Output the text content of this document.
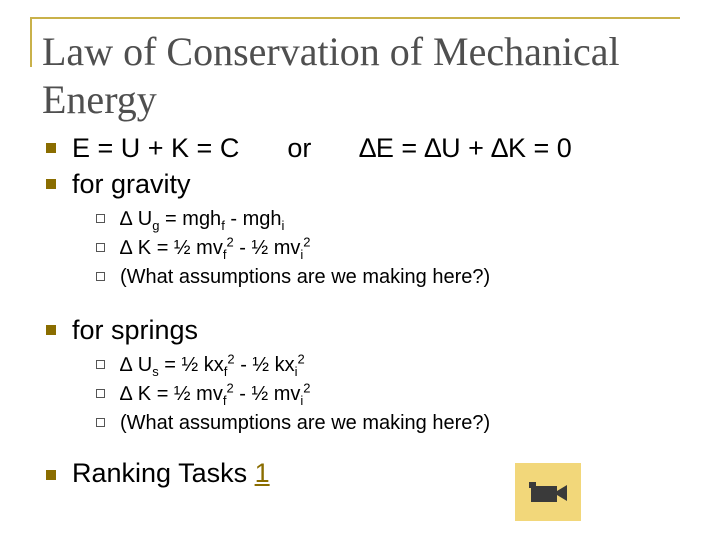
Law of Conservation of Mechanical Energy
E = U + K = C or ∆E = ∆U + ∆K = 0
for gravity
∆ $U_g = mgh_f - mgh_i$
∆ K = ½ $mv_f^2$ - ½ $mv_i^2$
(What assumptions are we making here?)
for springs
∆ $U_s$ = ½ $kx_f^2$ - ½ $kx_i^2$
∆ K = ½ $mv_f^2$ - ½ $mv_i^2$
(What assumptions are we making here?)
Ranking Tasks 1
